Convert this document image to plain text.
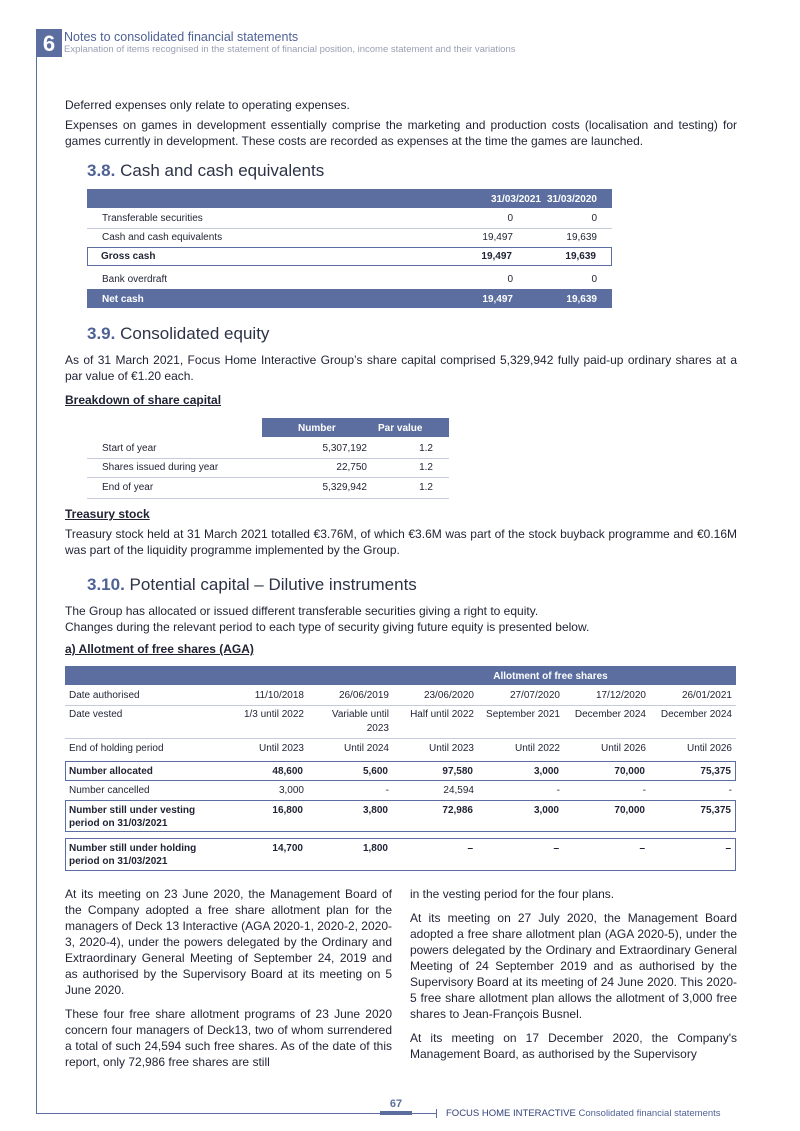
6 Notes to consolidated financial statements
Explanation of items recognised in the statement of financial position, income statement and their variations

Deferred expenses only relate to operating expenses.

Expenses on games in development essentially comprise the marketing and production costs (localisation and testing) for games currently in development. These costs are recorded as expenses at the time the games are launched.

3.8. Cash and cash equivalents
31/03/2021 31/03/2020
Transferable securities	0	0
Cash and cash equivalents	19,497	19,639
Gross cash	19,497	19,639
Bank overdraft	0	0
Net cash	19,497	19,639
3.9. Consolidated equity

As of 31 March 2021, Focus Home Interactive Group’s share capital comprised 5,329,942 fully paid-up ordinary shares at a par value of €1.20 each.

Breakdown of share capital
Number	Par value
Start of year	5,307,192	1.2
Shares issued during year	22,750	1.2
End of year	5,329,942	1.2
Treasury stock

Treasury stock held at 31 March 2021 totalled €3.76M, of which €3.6M was part of the stock buyback programme and €0.16M was part of the liquidity programme implemented by the Group.

3.10. Potential capital – Dilutive instruments

The Group has allocated or issued different transferable securities giving a right to equity.

Changes during the relevant period to each type of security giving future equity is presented below.

a) Allotment of free shares (AGA)
Allotment of free shares
Date authorised	11/10/2018	26/06/2019	23/06/2020	27/07/2020	17/12/2020	26/01/2021
Date vested	1/3 until 2022	Variable until
2023
Half until 2022	September 2021	December 2024	December 2024
End of holding period	Until 2023	Until 2024	Until 2023	Until 2022	Until 2026	Until 2026
Number allocated	48,600	5,600	97,580	3,000	70,000	75,375
Number cancelled	3,000	-	24,594	-	-	-
Number still under vesting
period on 31/03/2021
16,800	3,800	72,986	3,000	70,000	75,375
Number still under holding
period on 31/03/2021
14,700	1,800	–	–	–	–

At its meeting on 23 June 2020, the Management Board of the Company adopted a free share allotment plan for the managers of Deck 13 Interactive (AGA 2020-1, 2020-2, 2020-3, 2020-4), under the powers delegated by the Ordinary and Extraordinary General Meeting of September 24, 2019 and as authorised by the Supervisory Board at its meeting on 5 June 2020.

These four free share allotment programs of 23 June 2020 concern four managers of Deck13, two of whom surrendered a total of such 24,594 such free shares. As of the date of this report, only 72,986 free shares are still

in the vesting period for the four plans.

At its meeting on 27 July 2020, the Management Board adopted a free share allotment plan (AGA 2020-5), under the powers delegated by the Ordinary and Extraordinary General Meeting of 24 September 2019 and as authorised by the Supervisory Board at its meeting of 24 June 2020. This 2020-5 free share allotment plan allows the allotment of 3,000 free shares to Jean-François Busnel.

At its meeting on 17 December 2020, the Company's Management Board, as authorised by the Supervisory

67
FOCUS HOME INTERACTIVE Consolidated financial statements
